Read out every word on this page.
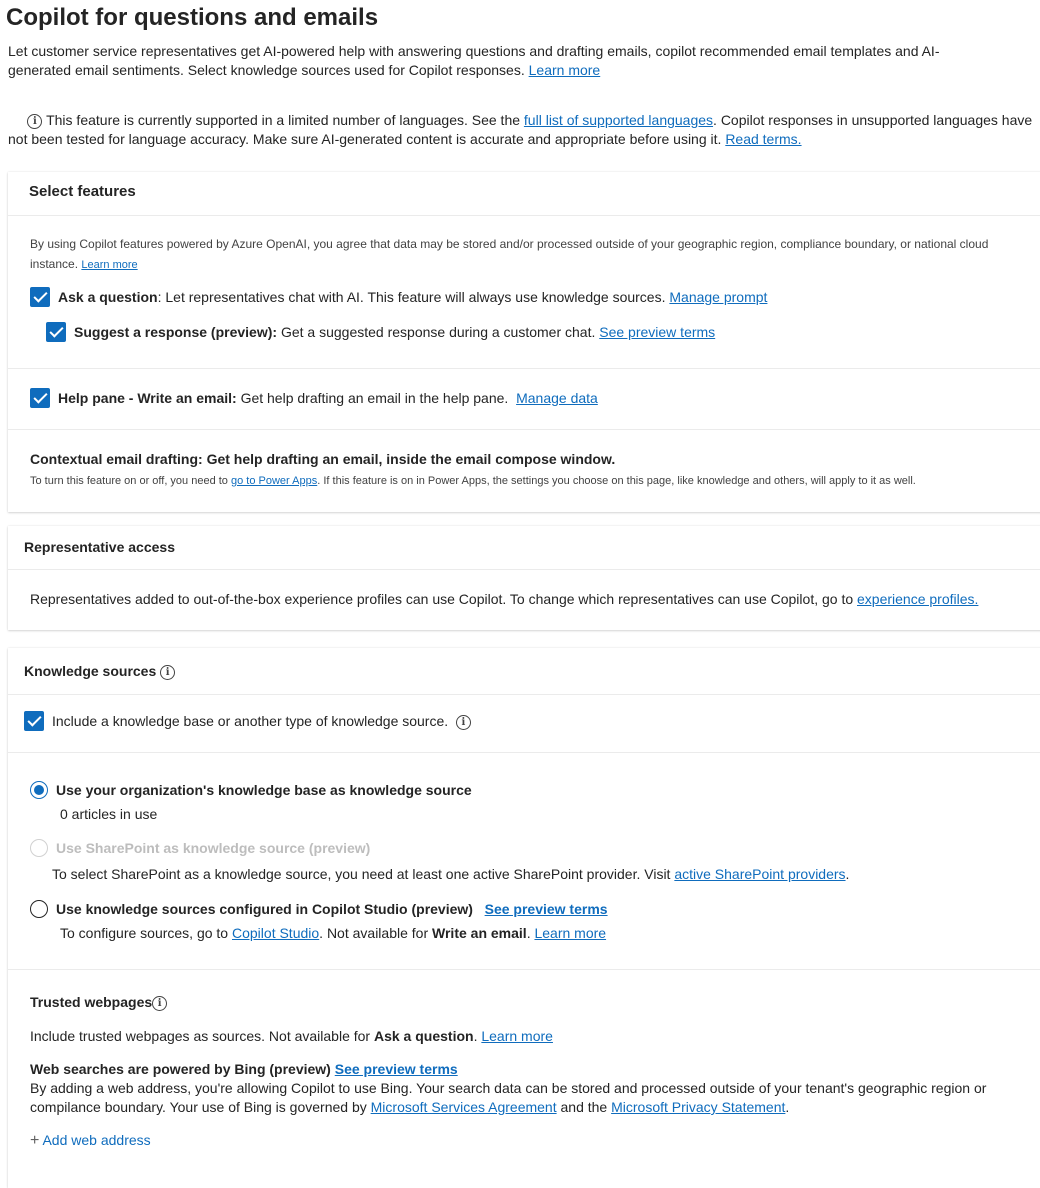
Copilot for questions and emails
Let customer service representatives get AI-powered help with answering questions and drafting emails, copilot recommended email templates and AI-
generated email sentiments. Select knowledge sources used for Copilot responses. Learn more
i This feature is currently supported in a limited number of languages. See the full list of supported languages. Copilot responses in unsupported languages have
not been tested for language accuracy. Make sure AI-generated content is accurate and appropriate before using it. Read terms.
Select features
By using Copilot features powered by Azure OpenAI, you agree that data may be stored and/or processed outside of your geographic region, compliance boundary, or national cloud
instance. Learn more
Ask a question: Let representatives chat with AI. This feature will always use knowledge sources. Manage prompt
Suggest a response (preview): Get a suggested response during a customer chat. See preview terms
Help pane - Write an email: Get help drafting an email in the help pane. Manage data
Contextual email drafting: Get help drafting an email, inside the email compose window.
To turn this feature on or off, you need to go to Power Apps. If this feature is on in Power Apps, the settings you choose on this page, like knowledge and others, will apply to it as well.
Representative access
Representatives added to out-of-the-box experience profiles can use Copilot. To change which representatives can use Copilot, go to experience profiles.
Knowledge sources i
Include a knowledge base or another type of knowledge source. i
Use your organization's knowledge base as knowledge source
0 articles in use
Use SharePoint as knowledge source (preview)
To select SharePoint as a knowledge source, you need at least one active SharePoint provider. Visit active SharePoint providers.
Use knowledge sources configured in Copilot Studio (preview) See preview terms
To configure sources, go to Copilot Studio. Not available for Write an email. Learn more
Trusted webpages i
Include trusted webpages as sources. Not available for Ask a question. Learn more
Web searches are powered by Bing (preview) See preview terms
By adding a web address, you're allowing Copilot to use Bing. Your search data can be stored and processed outside of your tenant's geographic region or
compilance boundary. Your use of Bing is governed by Microsoft Services Agreement and the Microsoft Privacy Statement.
+ Add web address
